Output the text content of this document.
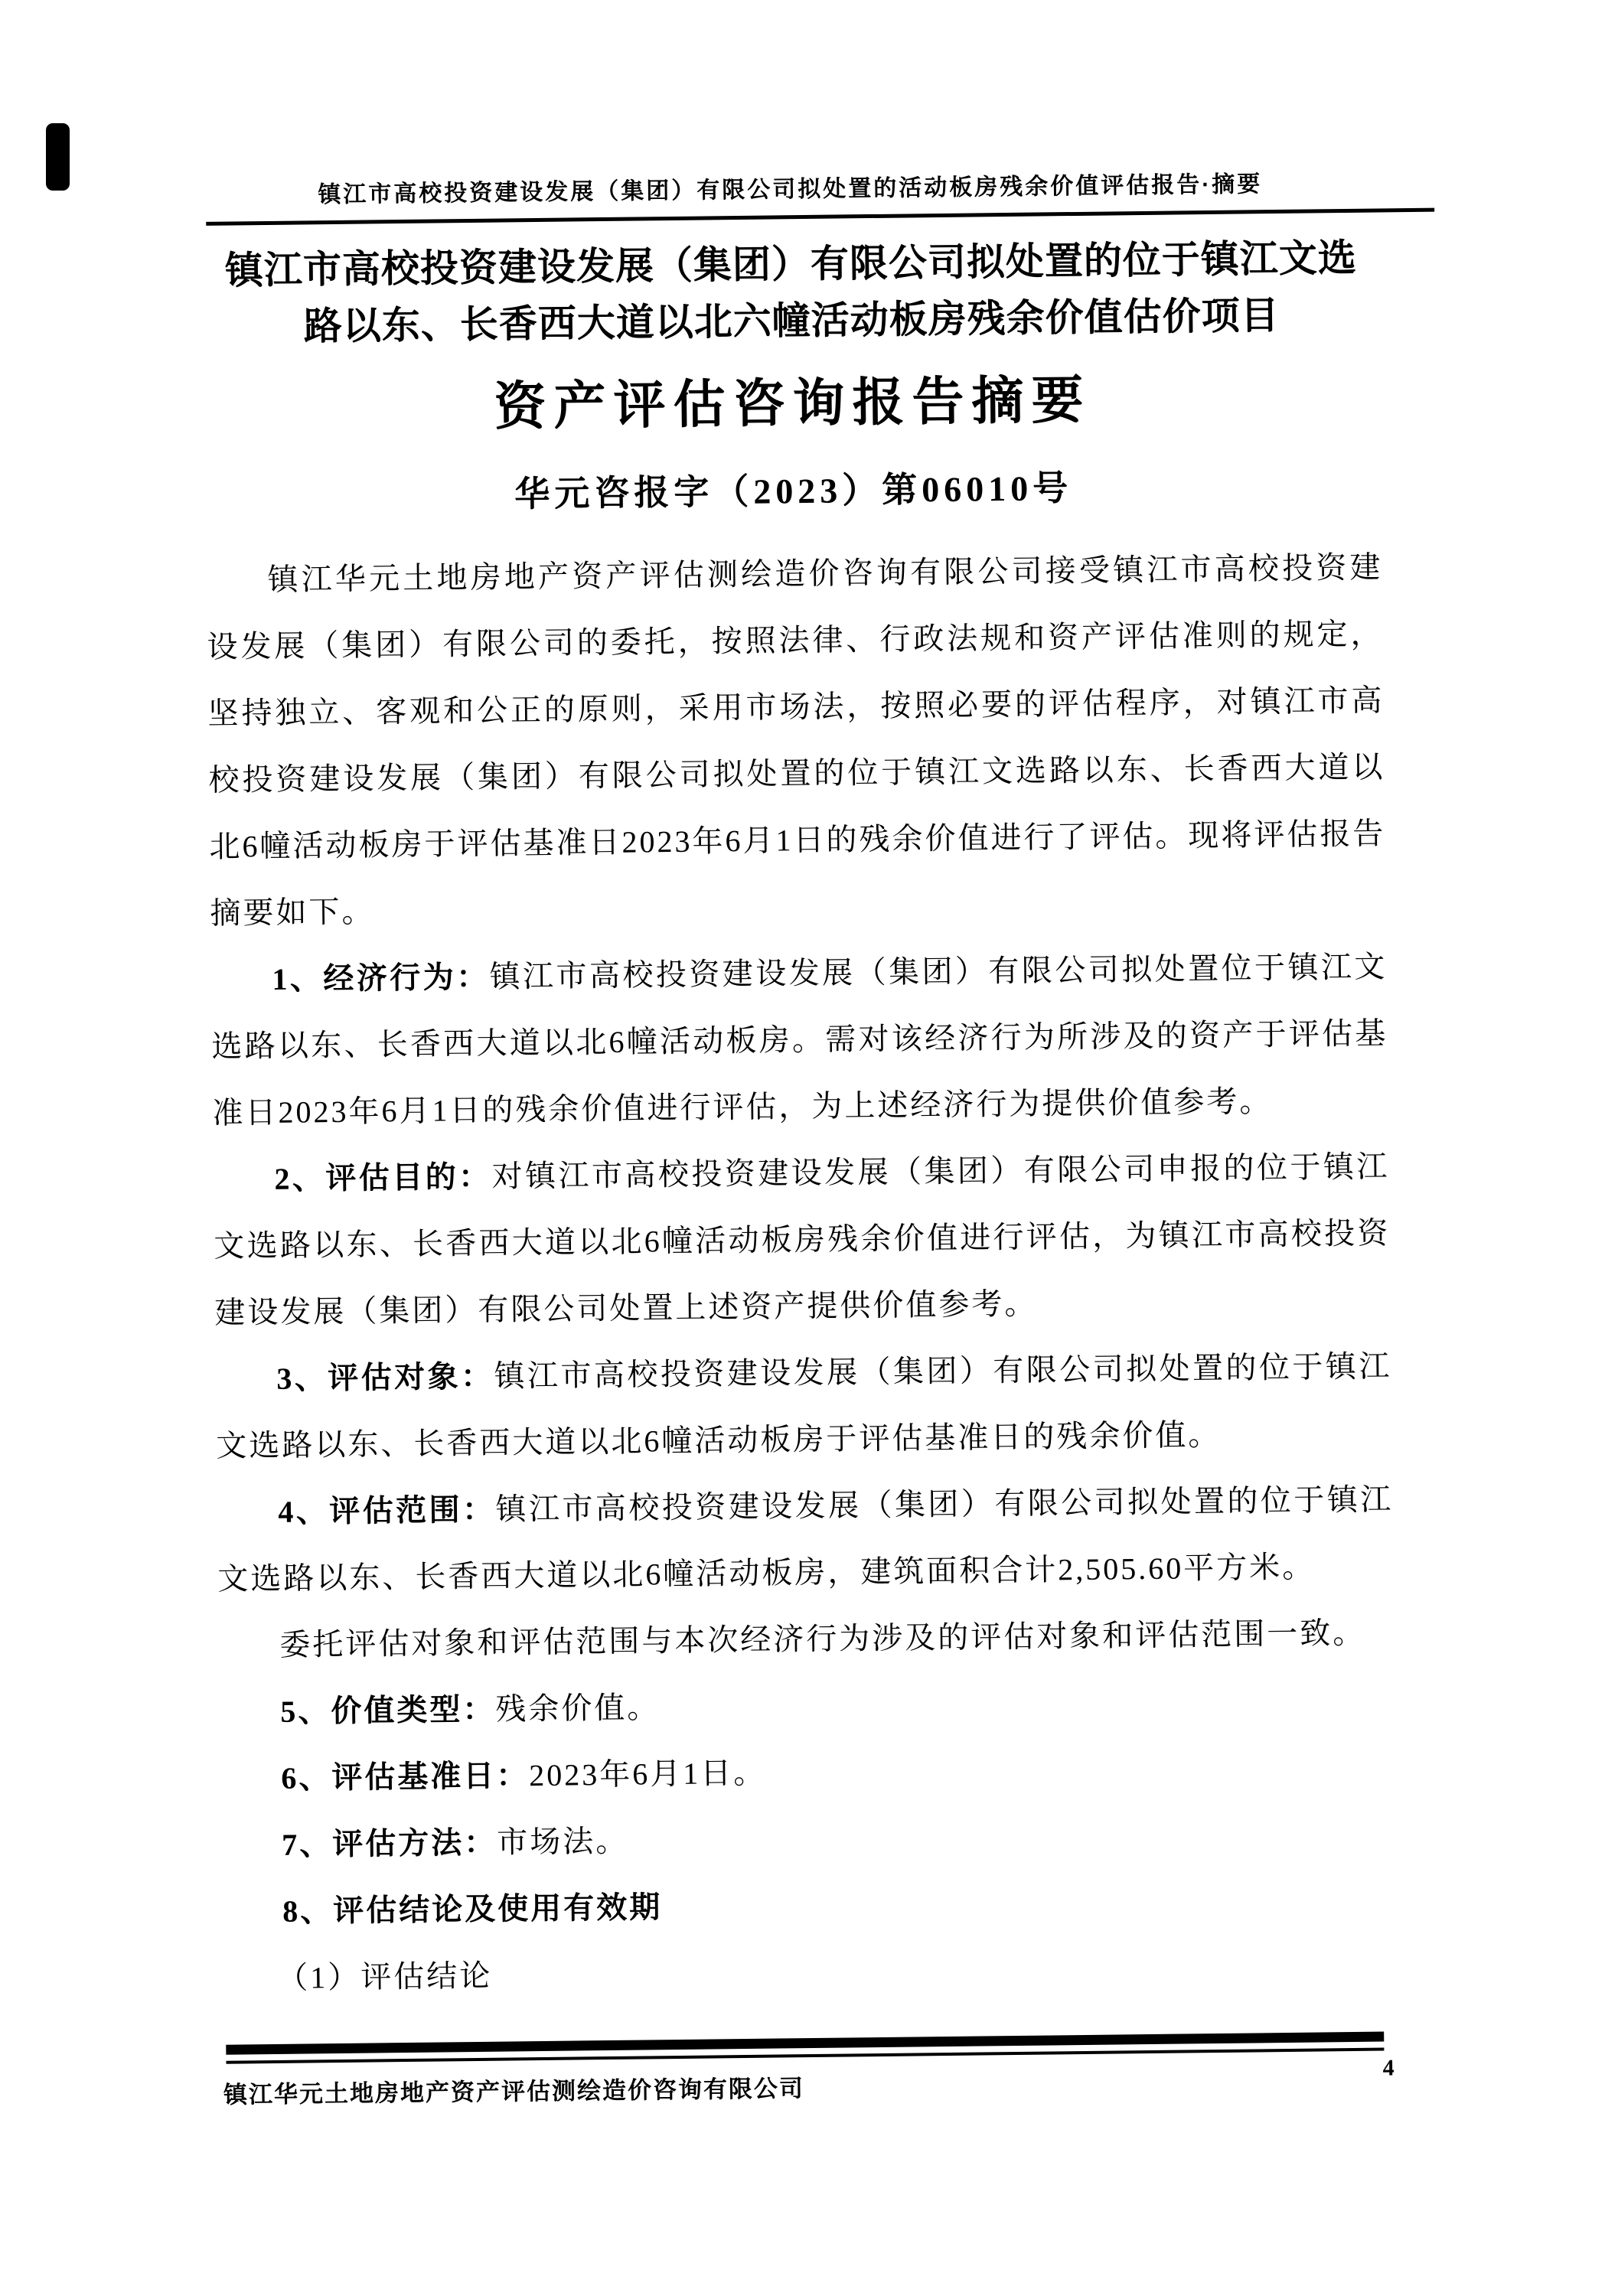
镇江市高校投资建设发展（集团）有限公司拟处置的活动板房残余价值评估报告·摘要
镇江市高校投资建设发展（集团）有限公司拟处置的位于镇江文选
路以东、长香西大道以北六幢活动板房残余价值估价项目
资产评估咨询报告摘要
华元咨报字（2023）第06010号

镇江华元土地房地产资产评估测绘造价咨询有限公司接受镇江市高校投资建设发展（集团）有限公司的委托，按照法律、行政法规和资产评估准则的规定，坚持独立、客观和公正的原则，采用市场法，按照必要的评估程序，对镇江市高校投资建设发展（集团）有限公司拟处置的位于镇江文选路以东、长香西大道以北6幢活动板房于评估基准日2023年6月1日的残余价值进行了评估。现将评估报告摘要如下。

1、经济行为：镇江市高校投资建设发展（集团）有限公司拟处置位于镇江文选路以东、长香西大道以北6幢活动板房。需对该经济行为所涉及的资产于评估基准日2023年6月1日的残余价值进行评估，为上述经济行为提供价值参考。

2、评估目的：对镇江市高校投资建设发展（集团）有限公司申报的位于镇江文选路以东、长香西大道以北6幢活动板房残余价值进行评估，为镇江市高校投资建设发展（集团）有限公司处置上述资产提供价值参考。

3、评估对象：镇江市高校投资建设发展（集团）有限公司拟处置的位于镇江文选路以东、长香西大道以北6幢活动板房于评估基准日的残余价值。

4、评估范围：镇江市高校投资建设发展（集团）有限公司拟处置的位于镇江文选路以东、长香西大道以北6幢活动板房，建筑面积合计2,505.60平方米。

委托评估对象和评估范围与本次经济行为涉及的评估对象和评估范围一致。

5、价值类型：残余价值。

6、评估基准日：2023年6月1日。

7、评估方法：市场法。

8、评估结论及使用有效期

（1）评估结论

4
镇江华元土地房地产资产评估测绘造价咨询有限公司
